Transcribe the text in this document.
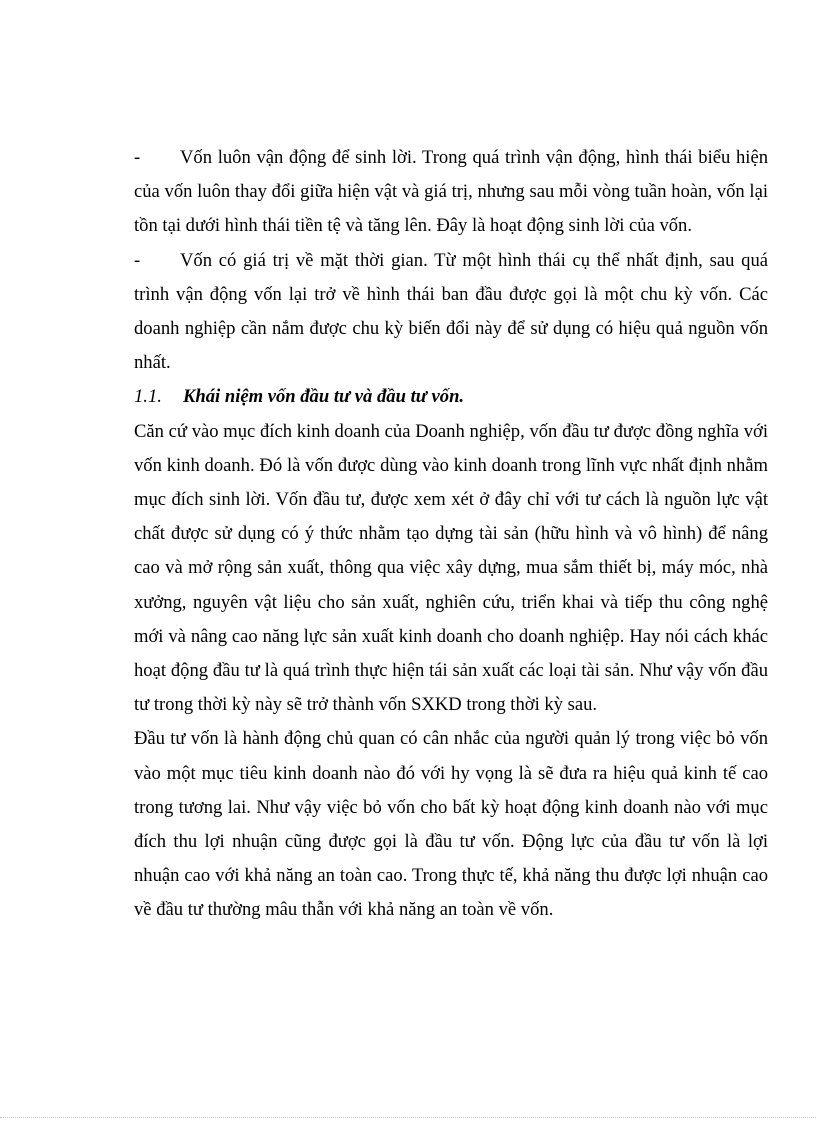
- Vốn luôn vận động để sinh lời. Trong quá trình vận động, hình thái biểu hiện của vốn luôn thay đổi giữa hiện vật và giá trị, nhưng sau mỗi vòng tuần hoàn, vốn lại tồn tại dưới hình thái tiền tệ và tăng lên. Đây là hoạt động sinh lời của vốn.

- Vốn có giá trị về mặt thời gian. Từ một hình thái cụ thể nhất định, sau quá trình vận động vốn lại trở về hình thái ban đầu được gọi là một chu kỳ vốn. Các doanh nghiệp cần nắm được chu kỳ biến đổi này để sử dụng có hiệu quả nguồn vốn nhất.

1.1. Khái niệm vốn đầu tư và đầu tư vốn.

Căn cứ vào mục đích kinh doanh của Doanh nghiệp, vốn đầu tư được đồng nghĩa với vốn kinh doanh. Đó là vốn được dùng vào kinh doanh trong lĩnh vực nhất định nhằm mục đích sinh lời. Vốn đầu tư, được xem xét ở đây chỉ với tư cách là nguồn lực vật chất được sử dụng có ý thức nhằm tạo dựng tài sản (hữu hình và vô hình) để nâng cao và mở rộng sản xuất, thông qua việc xây dựng, mua sắm thiết bị, máy móc, nhà xưởng, nguyên vật liệu cho sản xuất, nghiên cứu, triển khai và tiếp thu công nghệ mới và nâng cao năng lực sản xuất kinh doanh cho doanh nghiệp. Hay nói cách khác hoạt động đầu tư là quá trình thực hiện tái sản xuất các loại tài sản. Như vậy vốn đầu tư trong thời kỳ này sẽ trở thành vốn SXKD trong thời kỳ sau.

Đầu tư vốn là hành động chủ quan có cân nhắc của người quản lý trong việc bỏ vốn vào một mục tiêu kinh doanh nào đó với hy vọng là sẽ đưa ra hiệu quả kinh tế cao trong tương lai. Như vậy việc bỏ vốn cho bất kỳ hoạt động kinh doanh nào với mục đích thu lợi nhuận cũng được gọi là đầu tư vốn. Động lực của đầu tư vốn là lợi nhuận cao với khả năng an toàn cao. Trong thực tế, khả năng thu được lợi nhuận cao về đầu tư thường mâu thẫn với khả năng an toàn về vốn.
